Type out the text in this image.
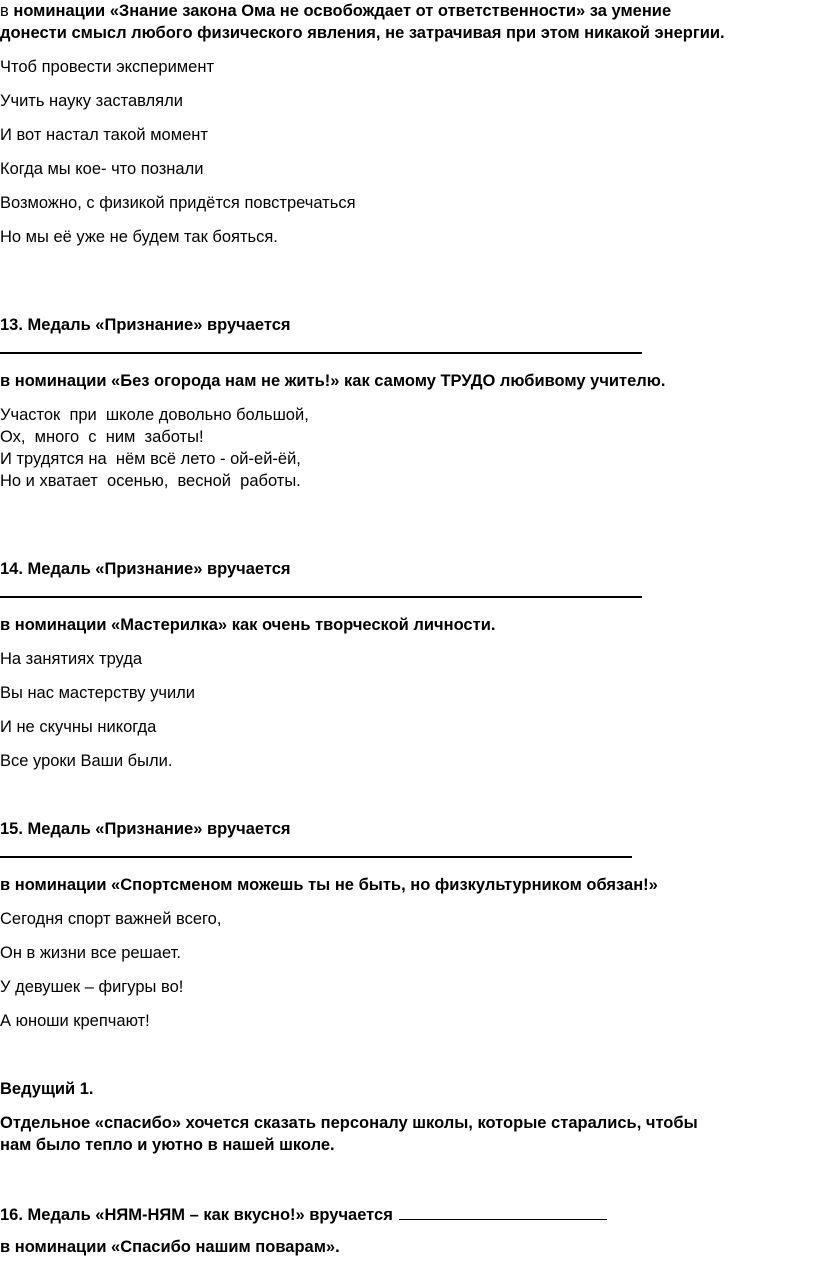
в номинации «Знание закона Ома не освобождает от ответственности» за умение

донести смысл любого физического явления, не затрачивая при этом никакой энергии.

Чтоб провести эксперимент

Учить науку заставляли

И вот настал такой момент

Когда мы кое- что познали

Возможно, с физикой придётся повстречаться

Но мы её уже не будем так бояться.

13. Медаль «Признание» вручается

в номинации «Без огорода нам не жить!» как самому ТРУДО любивому учителю.

Участок  при  школе довольно большой,

Ох,  много  с  ним  заботы!

И трудятся на  нём всё лето - ой-ей-ёй,

Но и хватает  осенью,  весной  работы.

14. Медаль «Признание» вручается

в номинации «Мастерилка» как очень творческой личности.

На занятиях труда

Вы нас мастерству учили

И не скучны никогда

Все уроки Ваши были.

15. Медаль «Признание» вручается

в номинации «Спортсменом можешь ты не быть, но физкультурником обязан!»

Сегодня спорт важней всего,

Он в жизни все решает.

У девушек – фигуры во!

А юноши крепчают!

Ведущий 1.

Отдельное «спасибо» хочется сказать персоналу школы, которые старались, чтобы

нам было тепло и уютно в нашей школе.

16. Медаль «НЯМ-НЯМ – как вкусно!» вручается

в номинации «Спасибо нашим поварам».
